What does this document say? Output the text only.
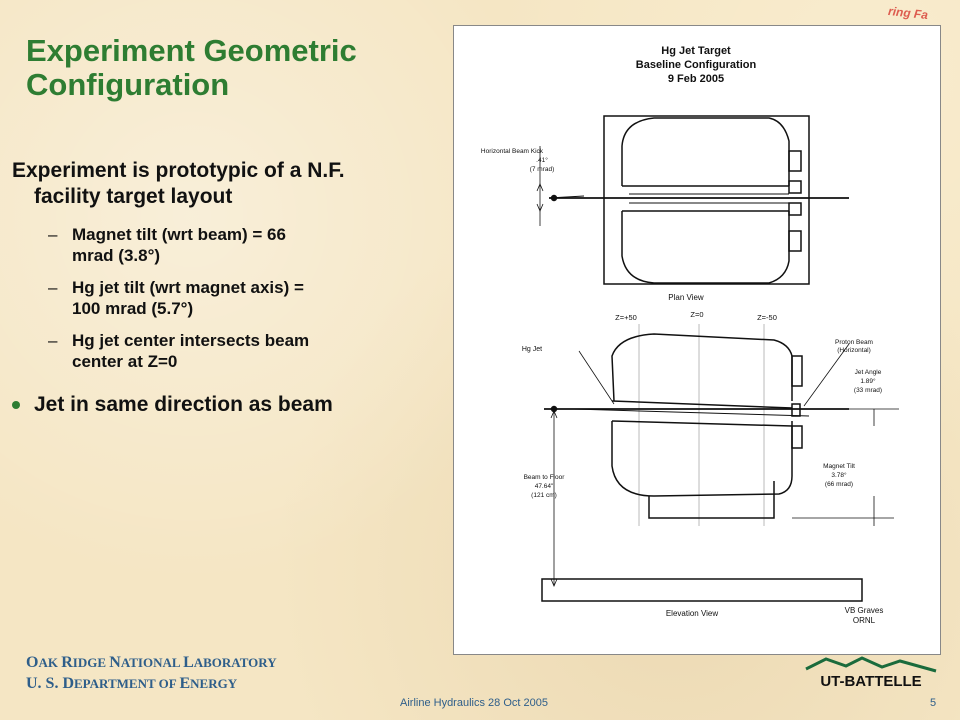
ring Fa
Experiment Geometric Configuration
Experiment is prototypic of a N.F.
facility target layout
– Magnet tilt (wrt beam) = 66
mrad (3.8°)
– Hg jet tilt (wrt magnet axis) =
100 mrad (5.7°)
– Hg jet center intersects beam
center at Z=0
Jet in same direction as beam
Hg Jet Target
Baseline Configuration
9 Feb 2005
Horizontal Beam Kick
.41°
(7 mrad)
Plan View
Z=+50	Z=0	Z=-50
Hg Jet
Proton Beam
(Horizontal)
Jet Angle
1.89°
(33 mrad)
Beam to Floor
47.64"
(121 cm)
Magnet Tilt
3.78°
(66 mrad)
Elevation View	VB Graves
ORNL
OAK RIDGE NATIONAL LABORATORY
U. S. DEPARTMENT OF ENERGY
Airline Hydraulics 28 Oct 2005	5
UT-BATTELLE
